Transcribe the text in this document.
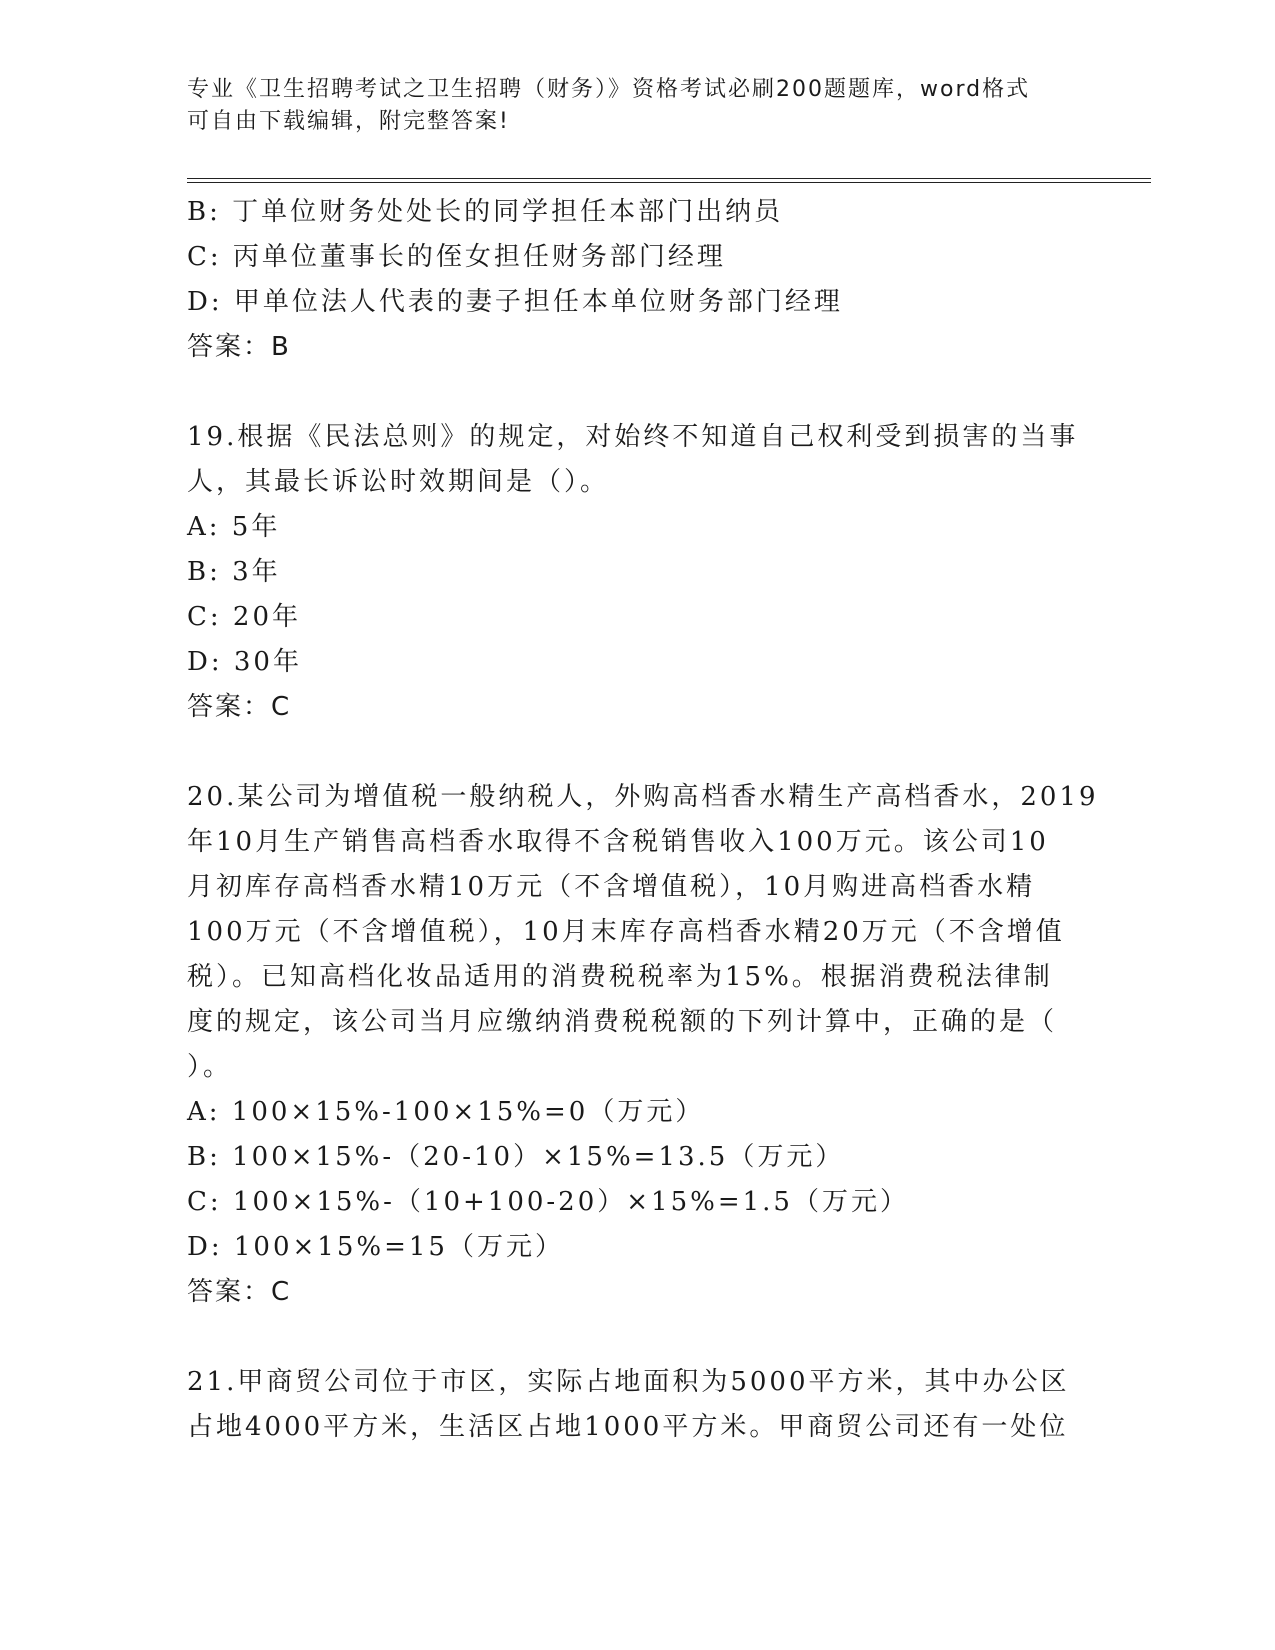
专业《卫生招聘考试之卫生招聘（财务）》资格考试必刷200题题库，word格式
可自由下载编辑，附完整答案!
B: 丁单位财务处处长的同学担任本部门出纳员
C: 丙单位董事长的侄女担任财务部门经理
D: 甲单位法人代表的妻子担任本单位财务部门经理
答案：B
19.根据《民法总则》的规定，对始终不知道自己权利受到损害的当事
人，其最长诉讼时效期间是（）。
A: 5年
B: 3年
C: 20年
D: 30年
答案：C
20.某公司为增值税一般纳税人，外购高档香水精生产高档香水，2019
年10月生产销售高档香水取得不含税销售收入100万元。该公司10
月初库存高档香水精10万元（不含增值税），10月购进高档香水精
100万元（不含增值税），10月末库存高档香水精20万元（不含增值
税）。已知高档化妆品适用的消费税税率为15%。根据消费税法律制
度的规定，该公司当月应缴纳消费税税额的下列计算中，正确的是（
）。
A: 100×15%-100×15%=0（万元）
B: 100×15%-（20-10）×15%=13.5（万元）
C: 100×15%-（10+100-20）×15%=1.5（万元）
D: 100×15%=15（万元）
答案：C
21.甲商贸公司位于市区，实际占地面积为5000平方米，其中办公区
占地4000平方米，生活区占地1000平方米。甲商贸公司还有一处位
